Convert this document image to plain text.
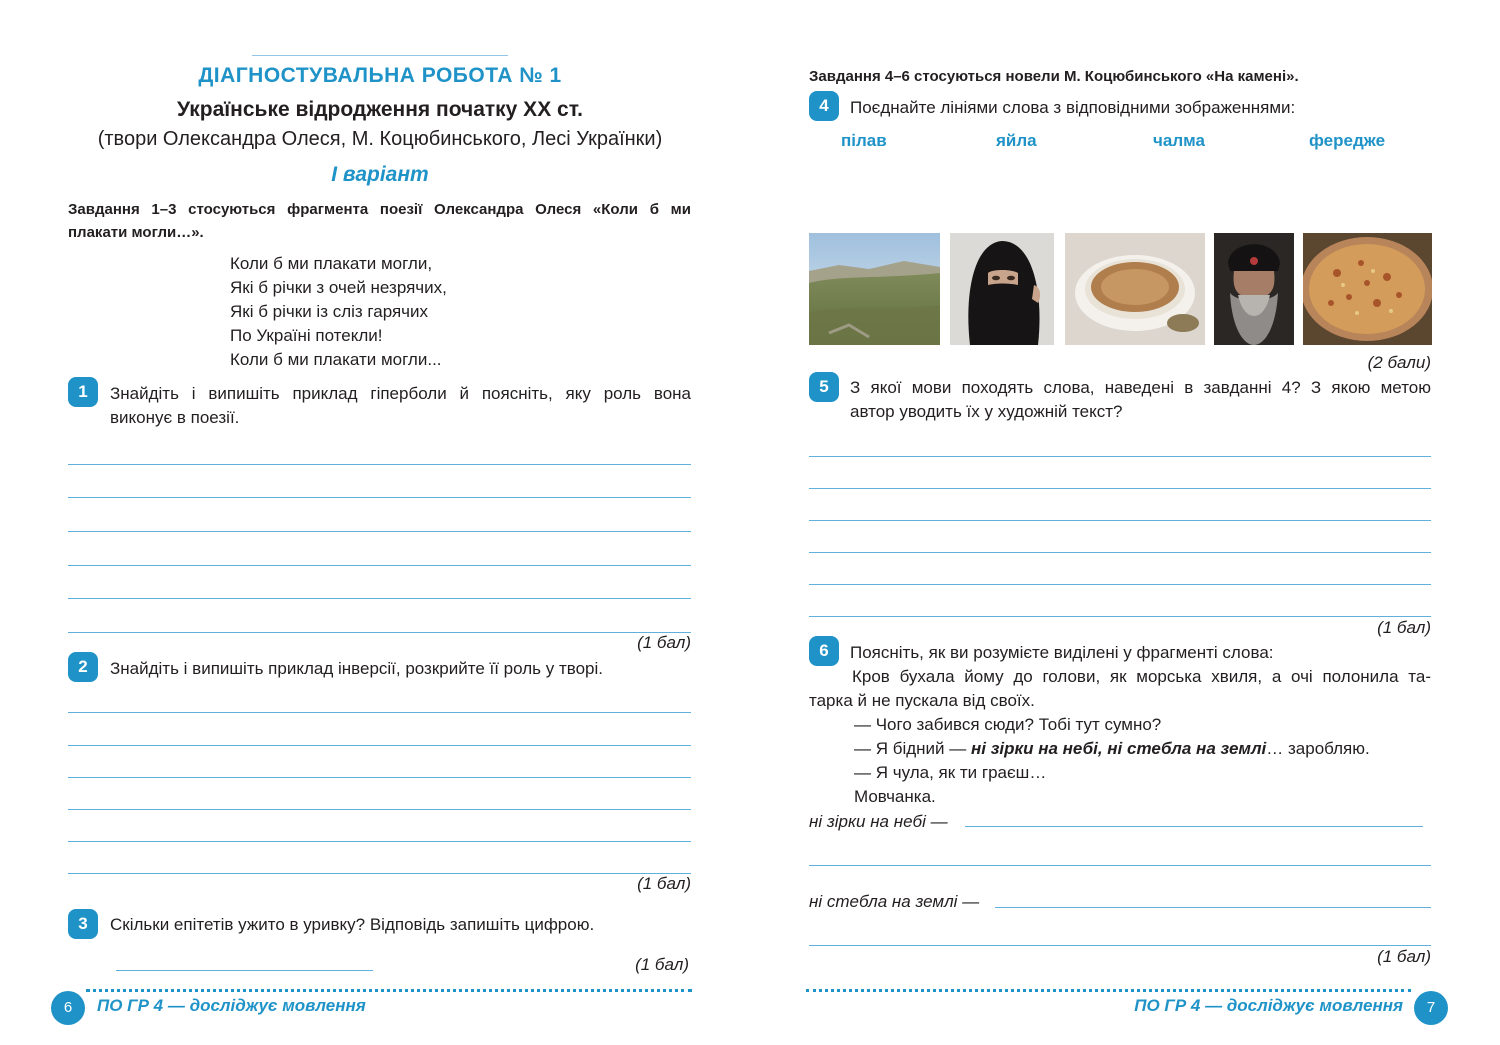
ДІАГНОСТУВАЛЬНА РОБОТА № 1
Українське відродження початку XX ст.
(твори Олександра Олеся, М. Коцюбинського, Лесі Українки)
І варіант
Завдання 1–3 стосуються фрагмента поезії Олександра Олеся «Коли б ми
плакати могли…».
Коли б ми плакати могли,
Які б річки з очей незрячих,
Які б річки із сліз гарячих
По Україні потекли!
Коли б ми плакати могли...
1	Знайдіть і випишіть приклад гіперболи й поясніть, яку роль вона
виконує в поезії.
(1 бал)
2	Знайдіть і випишіть приклад інверсії, розкрийте її роль у творі.
(1 бал)
3	Скільки епітетів ужито в уривку? Відповідь запишіть цифрою.
(1 бал)
6	ПО ГР 4 — досліджує мовлення
Завдання 4–6 стосуються новели М. Коцюбинського «На камені».
4	Поєднайте лініями слова з відповідними зображеннями:
пілав	яйла	чалма	фередже
(2 бали)
5	З якої мови походять слова, наведені в завданні 4? З якою метою
автор уводить їх у художній текст?
(1 бал)
6	Поясніть, як ви розумієте виділені у фрагменті слова:
Кров бухала йому до голови, як морська хвиля, а очі полонила та-
тарка й не пускала від своїх.
— Чого забився сюди? Тобі тут сумно?
— Я бідний — ні зірки на небі, ні стебла на землі… заробляю.
— Я чула, як ти граєш…
Мовчанка.
ні зірки на небі —
ні стебла на землі —
(1 бал)
ПО ГР 4 — досліджує мовлення	7
